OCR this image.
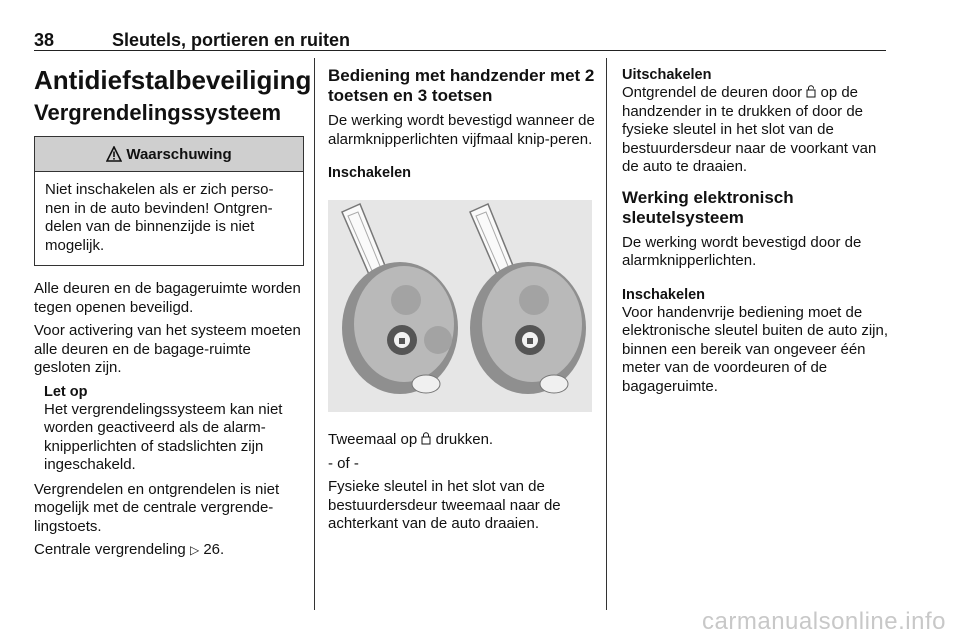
38	Sleutels, portieren en ruiten
Antidiefstalbeveiliging
Vergrendelingssysteem
Waarschuwing
Niet inschakelen als er zich perso-nen in de auto bevinden! Ontgren-delen van de binnenzijde is niet mogelijk.

Alle deuren en de bagageruimte worden tegen openen beveiligd.

Voor activering van het systeem moeten alle deuren en de bagage-ruimte gesloten zijn.

Let op
Het vergrendelingssysteem kan niet worden geactiveerd als de alarm-knipperlichten of stadslichten zijn ingeschakeld.

Vergrendelen en ontgrendelen is niet mogelijk met de centrale vergrende-lingstoets.

Centrale vergrendeling ▷ 26.

Bediening met handzender met 2 toetsen en 3 toetsen

De werking wordt bevestigd wanneer de alarmknipperlichten vijfmaal knip-peren.

Inschakelen

Tweemaal op drukken.

- of -

Fysieke sleutel in het slot van de bestuurdersdeur tweemaal naar de achterkant van de auto draaien.

Uitschakelen

Ontgrendel de deuren door op de handzender in te drukken of door de fysieke sleutel in het slot van de bestuurdersdeur naar de voorkant van de auto te draaien.

Werking elektronisch sleutelsysteem

De werking wordt bevestigd door de alarmknipperlichten.

Inschakelen

Voor handenvrije bediening moet de elektronische sleutel buiten de auto zijn, binnen een bereik van ongeveer één meter van de voordeuren of de bagageruimte.

carmanualsonline.info
